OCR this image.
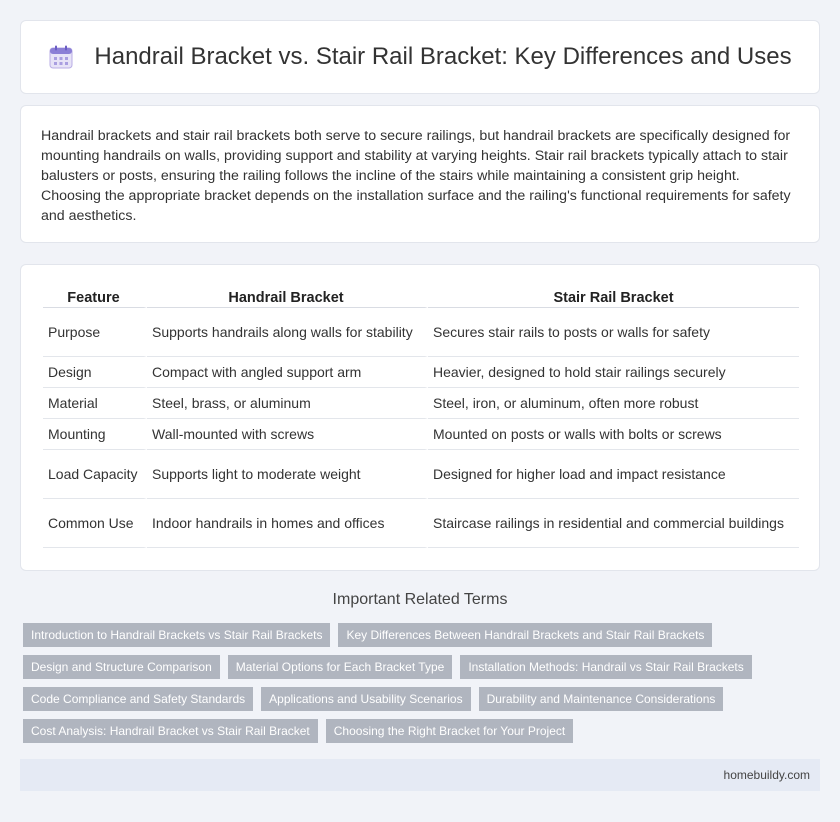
Handrail Bracket vs. Stair Rail Bracket: Key Differences and Uses

Handrail brackets and stair rail brackets both serve to secure railings, but handrail brackets are specifically designed for mounting handrails on walls, providing support and stability at varying heights. Stair rail brackets typically attach to stair balusters or posts, ensuring the railing follows the incline of the stairs while maintaining a consistent grip height. Choosing the appropriate bracket depends on the installation surface and the railing's functional requirements for safety and aesthetics.

Feature	Handrail Bracket	Stair Rail Bracket
Purpose	Supports handrails along walls for stability	Secures stair rails to posts or walls for safety
Design	Compact with angled support arm	Heavier, designed to hold stair railings securely
Material	Steel, brass, or aluminum	Steel, iron, or aluminum, often more robust
Mounting	Wall-mounted with screws	Mounted on posts or walls with bolts or screws
Load Capacity	Supports light to moderate weight	Designed for higher load and impact resistance
Common Use	Indoor handrails in homes and offices	Staircase railings in residential and commercial buildings
Important Related Terms
Introduction to Handrail Brackets vs Stair Rail Brackets	Key Differences Between Handrail Brackets and Stair Rail Brackets
Design and Structure Comparison	Material Options for Each Bracket Type	Installation Methods: Handrail vs Stair Rail Brackets
Code Compliance and Safety Standards	Applications and Usability Scenarios	Durability and Maintenance Considerations
Cost Analysis: Handrail Bracket vs Stair Rail Bracket	Choosing the Right Bracket for Your Project
homebuildy.com
